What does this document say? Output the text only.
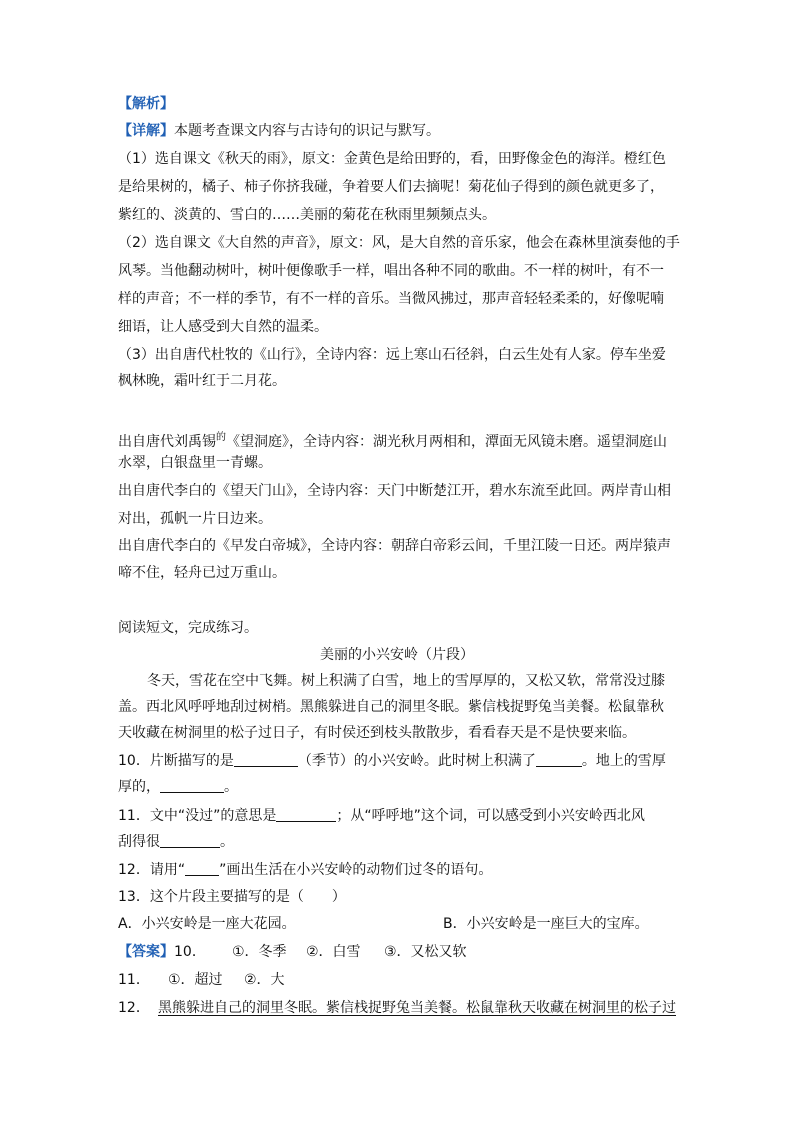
【解析】
【详解】本题考查课文内容与古诗句的识记与默写。
（1）选自课文《秋天的雨》，原文：金黄色是给田野的，看，田野像金色的海洋。橙红色
是给果树的，橘子、柿子你挤我碰，争着要人们去摘呢！菊花仙子得到的颜色就更多了，
紫红的、淡黄的、雪白的……美丽的菊花在秋雨里频频点头。
（2）选自课文《大自然的声音》，原文：风，是大自然的音乐家，他会在森林里演奏他的手
风琴。当他翻动树叶，树叶便像歌手一样，唱出各种不同的歌曲。不一样的树叶，有不一
样的声音；不一样的季节，有不一样的音乐。当微风拂过，那声音轻轻柔柔的，好像呢喃
细语，让人感受到大自然的温柔。
（3）出自唐代杜牧的《山行》，全诗内容：远上寒山石径斜，白云生处有人家。停车坐爱
枫林晚，霜叶红于二月花。
出自唐代刘禹锡$^的$《望洞庭》，全诗内容：湖光秋月两相和，潭面无风镜未磨。遥望洞庭山
水翠，白银盘里一青螺。
出自唐代李白的《望天门山》，全诗内容：天门中断楚江开，碧水东流至此回。两岸青山相
对出，孤帆一片日边来。
出自唐代李白的《早发白帝城》，全诗内容：朝辞白帝彩云间，千里江陵一日还。两岸猿声
啼不住，轻舟已过万重山。
阅读短文，完成练习。
美丽的小兴安岭（片段）
冬天，雪花在空中飞舞。树上积满了白雪，地上的雪厚厚的，又松又软，常常没过膝
盖。西北风呼呼地刮过树梢。黑熊躲进自己的洞里冬眠。紫信栈捉野兔当美餐。松鼠靠秋
天收藏在树洞里的松子过日子，有时侯还到枝头散散步，看看春天是不是快要来临。
10．片断描写的是	（季节）的小兴安岭。此时树上积满了	。地上的雪厚
厚的，	。
11．文中“没过”的意思是	；从“呼呼地”这个词，可以感受到小兴安岭西北风
刮得很	。
12．请用“ ”画出生活在小兴安岭的动物们过冬的语句。
13．这个片段主要描写的是（　　）
A．小兴安岭是一座大花园。	B．小兴安岭是一座巨大的宝库。
【答案】10． ①．冬季 ②．白雪 ③．又松又软
11． ①．超过 ②．大
12． 黑熊躲进自己的洞里冬眠。紫信栈捉野兔当美餐。松鼠靠秋天收藏在树洞里的松子过
